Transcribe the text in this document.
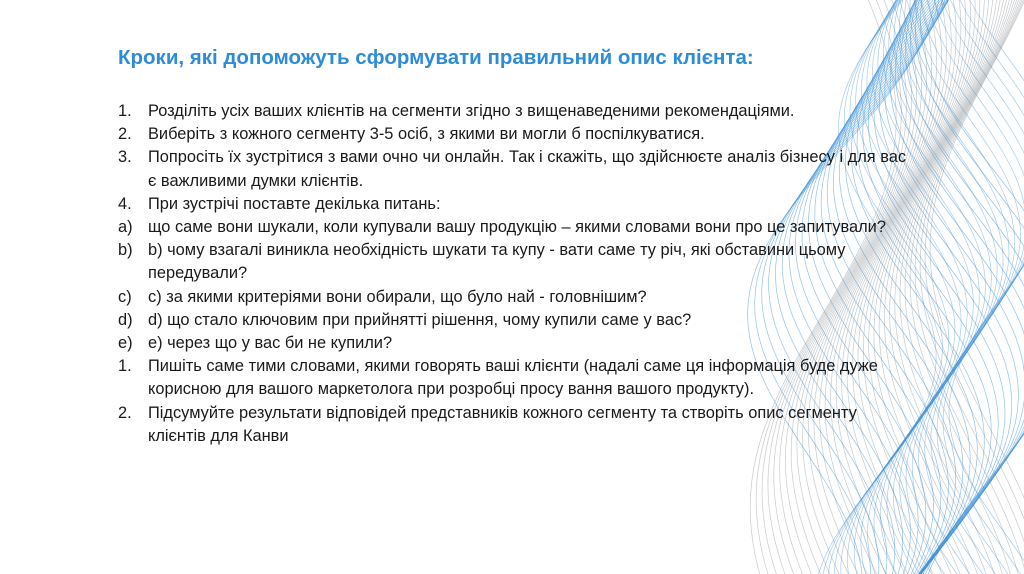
Кроки, які допоможуть сформувати правильний опис клієнта:
1. Розділіть усіх ваших клієнтів на сегменти згідно з вищенаведеними рекомендаціями.
2. Виберіть з кожного сегменту 3-5 осіб, з якими ви могли б поспілкуватися.
3. Попросіть їх зустрітися з вами очно чи онлайн. Так і скажіть, що здійснюєте аналіз бізнесу і для вас є важливими думки клієнтів.
4. При зустрічі поставте декілька питань:
a) що саме вони шукали, коли купували вашу продукцію – якими словами вони про це запитували?
b) b) чому взагалі виникла необхідність шукати та купу - вати саме ту річ, які обставини цьому передували?
c) c) за якими критеріями вони обирали, що було най - головнішим?
d) d) що стало ключовим при прийнятті рішення, чому купили саме у вас?
e) e) через що у вас би не купили?
1. Пишіть саме тими словами, якими говорять ваші клієнти (надалі саме ця інформація буде дуже корисною для вашого маркетолога при розробці просу вання вашого продукту).
2. Підсумуйте результати відповідей представників кожного сегменту та створіть опис сегменту клієнтів для Канви
